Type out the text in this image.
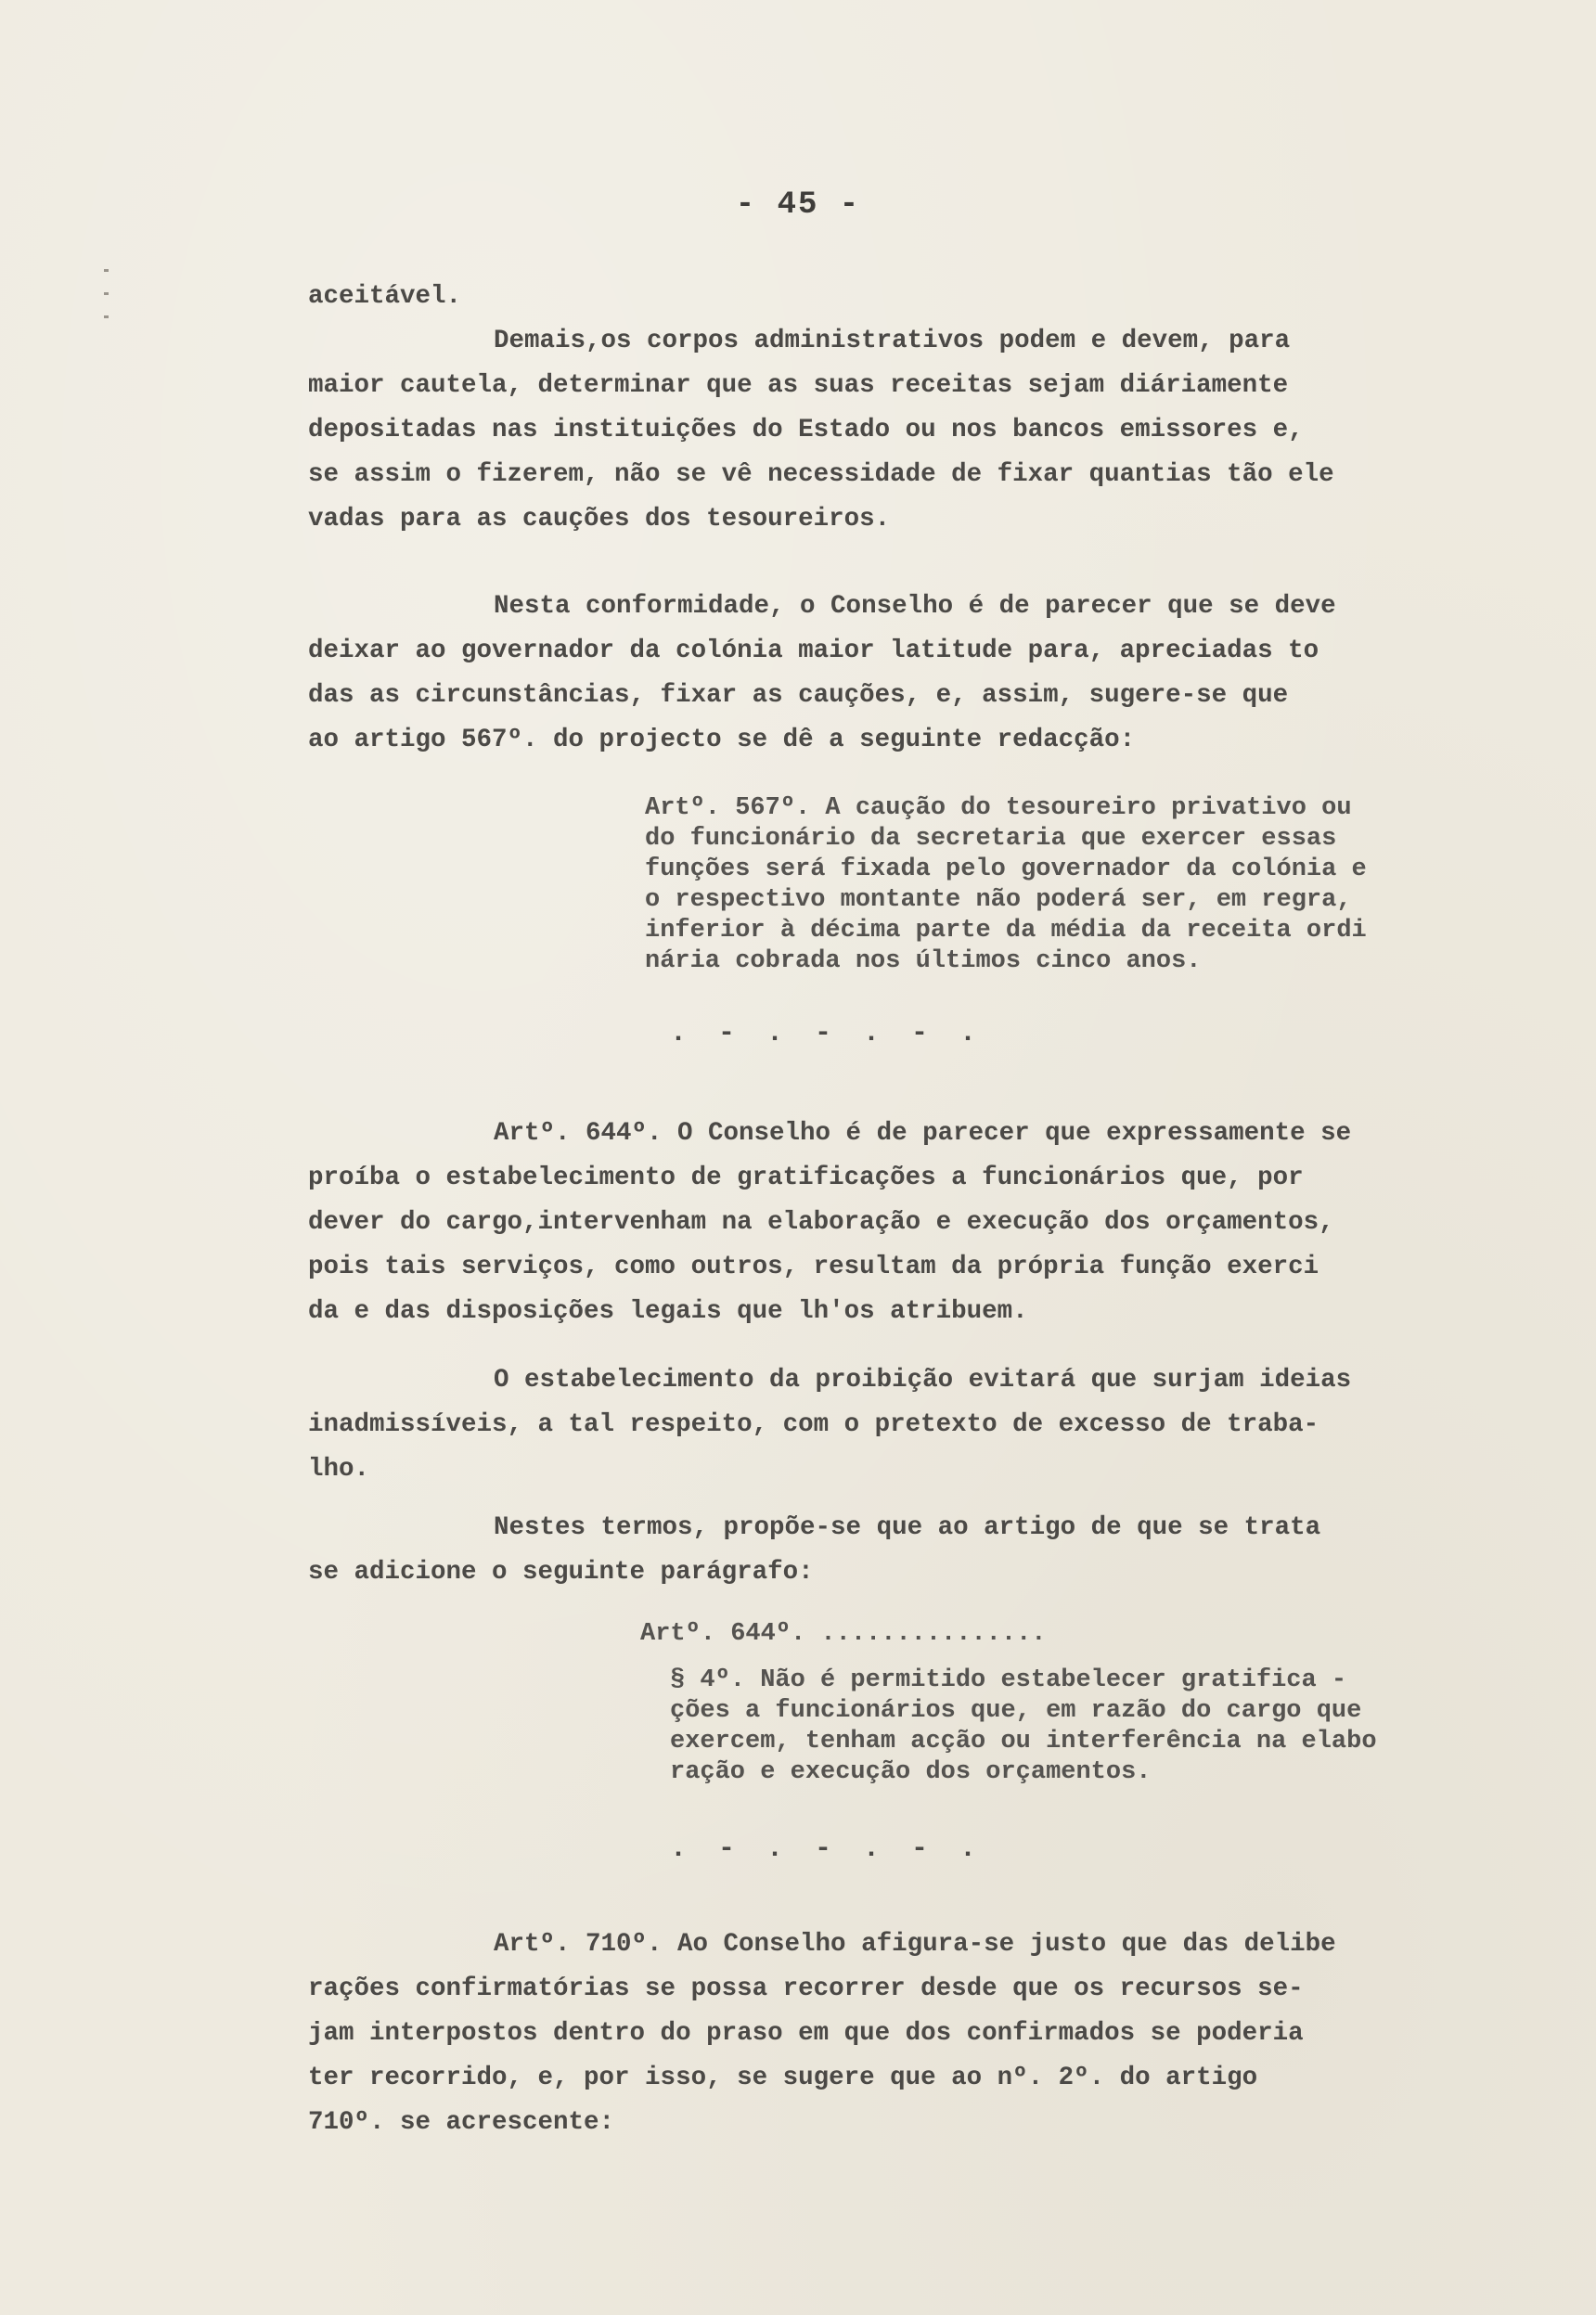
- 45 -
aceitável.
Demais,os corpos administrativos podem e devem, para
maior cautela, determinar que as suas receitas sejam diáriamente
depositadas nas instituições do Estado ou nos bancos emissores e,
se assim o fizerem, não se vê necessidade de fixar quantias tão ele
vadas para as cauções dos tesoureiros.
Nesta conformidade, o Conselho é de parecer que se deve
deixar ao governador da colónia maior latitude para, apreciadas to
das as circunstâncias, fixar as cauções, e, assim, sugere-se que
ao artigo 567º. do projecto se dê a seguinte redacção:
Artº. 567º. A caução do tesoureiro privativo ou
do funcionário da secretaria que exercer essas
funções será fixada pelo governador da colónia e
o respectivo montante não poderá ser, em regra,
inferior à décima parte da média da receita ordi
nária cobrada nos últimos cinco anos.
. - . - . - .
Artº. 644º. O Conselho é de parecer que expressamente se
proíba o estabelecimento de gratificações a funcionários que, por
dever do cargo,intervenham na elaboração e execução dos orçamentos,
pois tais serviços, como outros, resultam da própria função exerci
da e das disposições legais que lh'os atribuem.
O estabelecimento da proibição evitará que surjam ideias
inadmissíveis, a tal respeito, com o pretexto de excesso de traba-
lho.
Nestes termos, propõe-se que ao artigo de que se trata
se adicione o seguinte parágrafo:
Artº. 644º. ...............
§ 4º. Não é permitido estabelecer gratifica -
ções a funcionários que, em razão do cargo que
exercem, tenham acção ou interferência na elabo
ração e execução dos orçamentos.
. - . - . - .
Artº. 710º. Ao Conselho afigura-se justo que das delibe
rações confirmatórias se possa recorrer desde que os recursos se-
jam interpostos dentro do praso em que dos confirmados se poderia
ter recorrido, e, por isso, se sugere que ao nº. 2º. do artigo
710º. se acrescente:
